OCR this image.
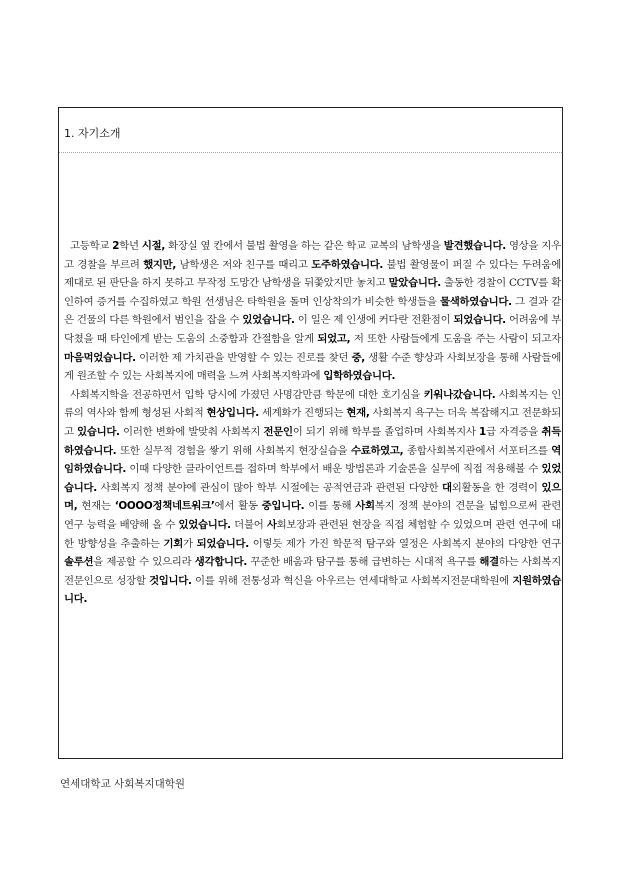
1. 자기소개

고등학교 2학년 시절, 화장실 옆 칸에서 불법 촬영을 하는 같은 학교 교복의 남학생을 발견했습니다. 영상을 지우고 경찰을 부르려 했지만, 남학생은 저와 친구를 때리고 도주하였습니다. 불법 촬영물이 퍼질 수 있다는 두려움에 제대로 된 판단을 하지 못하고 무작정 도망간 남학생을 뒤쫓았지만 놓치고 말았습니다. 출동한 경찰이 CCTV를 확인하여 증거를 수집하였고 학원 선생님은 타학원을 돌며 인상착의가 비슷한 학생들을 물색하였습니다. 그 결과 같은 건물의 다른 학원에서 범인을 잡을 수 있었습니다. 이 일은 제 인생에 커다란 전환점이 되었습니다. 어려움에 부닥쳤을 때 타인에게 받는 도움의 소중함과 간절함을 알게 되었고, 저 또한 사람들에게 도움을 주는 사람이 되고자 마음먹었습니다. 이러한 제 가치관을 반영할 수 있는 진로를 찾던 중, 생활 수준 향상과 사회보장을 통해 사람들에게 원조할 수 있는 사회복지에 매력을 느껴 사회복지학과에 입학하였습니다.

사회복지학을 전공하면서 입학 당시에 가졌던 사명감만큼 학문에 대한 호기심을 키워나갔습니다. 사회복지는 인류의 역사와 함께 형성된 사회적 현상입니다. 세계화가 진행되는 현재, 사회복지 욕구는 더욱 복잡해지고 전문화되고 있습니다. 이러한 변화에 발맞춰 사회복지 전문인이 되기 위해 학부를 졸업하며 사회복지사 1급 자격증을 취득하였습니다. 또한 실무적 경험을 쌓기 위해 사회복지 현장실습을 수료하였고, 종합사회복지관에서 서포터즈를 역임하였습니다. 이때 다양한 클라이언트를 접하며 학부에서 배운 방법론과 기술론을 실무에 직접 적용해볼 수 있었습니다. 사회복지 정책 분야에 관심이 많아 학부 시절에는 공적연금과 관련된 다양한 대외활동을 한 경력이 있으며, 현재는 ‘OOOO정책네트워크’에서 활동 중입니다. 이를 통해 사회복지 정책 분야의 견문을 넓힘으로써 관련 연구 능력을 배양해 올 수 있었습니다. 더불어 사회보장과 관련된 현장을 직접 체험할 수 있었으며 관련 연구에 대한 방향성을 추출하는 기회가 되었습니다. 이렇듯 제가 가진 학문적 탐구와 열정은 사회복지 분야의 다양한 연구 솔루션을 제공할 수 있으리라 생각합니다. 꾸준한 배움과 탐구를 통해 급변하는 시대적 욕구를 해결하는 사회복지 전문인으로 성장할 것입니다. 이를 위해 전통성과 혁신을 아우르는 연세대학교 사회복지전문대학원에 지원하였습니다.

연세대학교 사회복지대학원
